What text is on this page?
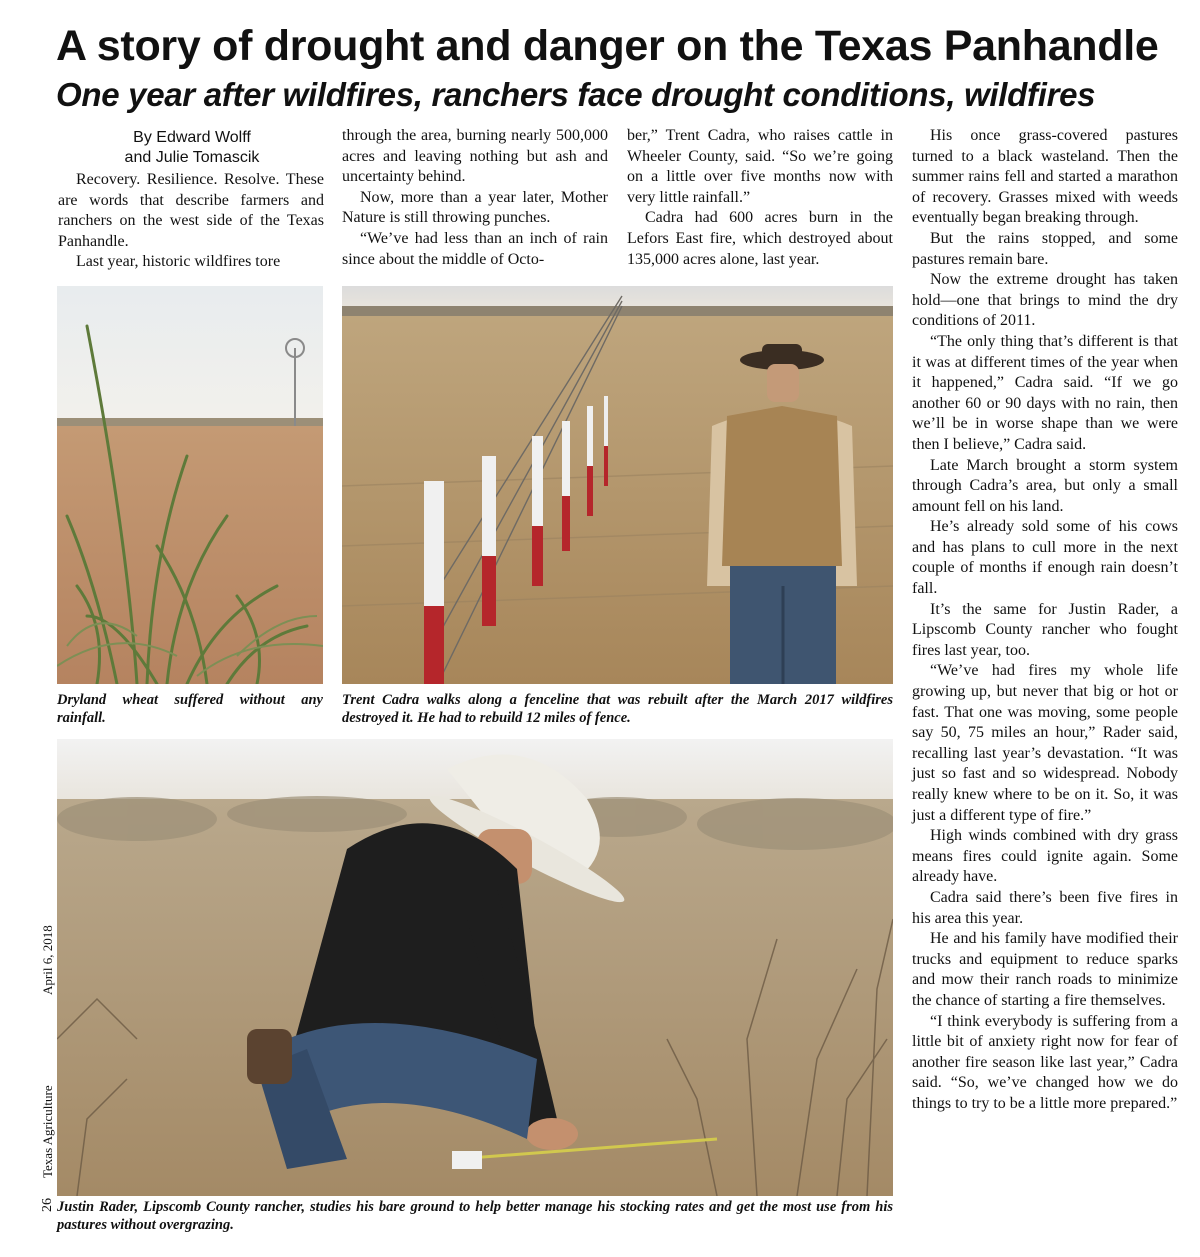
A story of drought and danger on the Texas Panhandle
One year after wildfires, ranchers face drought conditions, wildfires
By Edward Wolff
and Julie Tomascik

Recovery. Resilience. Resolve. These are words that describe farmers and ranchers on the west side of the Texas Panhandle.

Last year, historic wildfires tore

through the area, burning nearly 500,000 acres and leaving nothing but ash and uncertainty behind.

Now, more than a year later, Mother Nature is still throwing punches.

“We’ve had less than an inch of rain since about the middle of Octo-

ber,” Trent Cadra, who raises cattle in Wheeler County, said. “So we’re going on a little over five months now with very little rainfall.”

Cadra had 600 acres burn in the Lefors East fire, which destroyed about 135,000 acres alone, last year.

His once grass-covered pastures turned to a black wasteland. Then the summer rains fell and started a marathon of recovery. Grasses mixed with weeds eventually began breaking through.

But the rains stopped, and some pastures remain bare.

Now the extreme drought has taken hold—one that brings to mind the dry conditions of 2011.

“The only thing that’s different is that it was at different times of the year when it happened,” Cadra said. “If we go another 60 or 90 days with no rain, then we’ll be in worse shape than we were then I believe,” Cadra said.

Late March brought a storm system through Cadra’s area, but only a small amount fell on his land.

He’s already sold some of his cows and has plans to cull more in the next couple of months if enough rain doesn’t fall.

It’s the same for Justin Rader, a Lipscomb County rancher who fought fires last year, too.

“We’ve had fires my whole life growing up, but never that big or hot or fast. That one was moving, some people say 50, 75 miles an hour,” Rader said, recalling last year’s devastation. “It was just so fast and so widespread. Nobody really knew where to be on it. So, it was just a different type of fire.”

High winds combined with dry grass means fires could ignite again. Some already have.

Cadra said there’s been five fires in his area this year.

He and his family have modified their trucks and equipment to reduce sparks and mow their ranch roads to minimize the chance of starting a fire themselves.

“I think everybody is suffering from a little bit of anxiety right now for fear of another fire season like last year,” Cadra said. “So, we’ve changed how we do things to try to be a little more prepared.”

Dryland wheat suffered without any rainfall.
Trent Cadra walks along a fenceline that was rebuilt after the March 2017 wildfires destroyed it. He had to rebuild 12 miles of fence.
Justin Rader, Lipscomb County rancher, studies his bare ground to help better manage his stocking rates and get the most use from his pastures without overgrazing.
April 6, 2018
Texas Agriculture
26
